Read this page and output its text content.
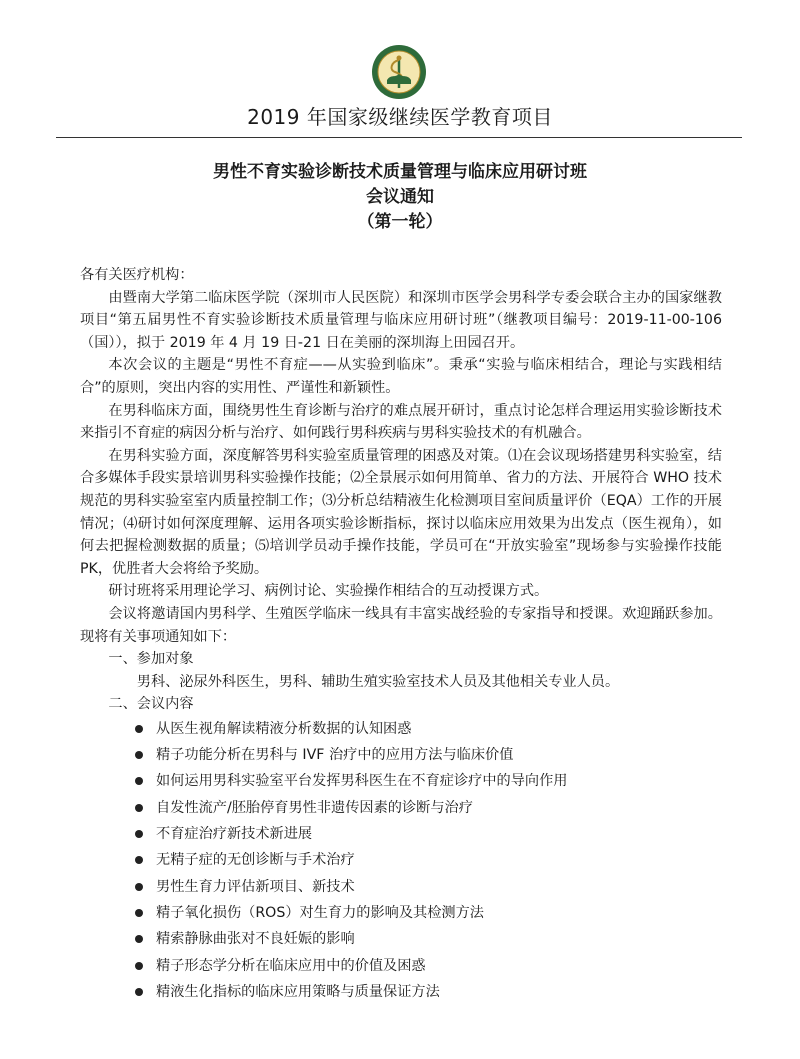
2019 年国家级继续医学教育项目
男性不育实验诊断技术质量管理与临床应用研讨班
会议通知
（第一轮）

各有关医疗机构：

由暨南大学第二临床医学院（深圳市人民医院）和深圳市医学会男科学专委会联合主办的国家继教项目“第五届男性不育实验诊断技术质量管理与临床应用研讨班”（继教项目编号：2019-11-00-106（国）），拟于 2019 年 4 月 19 日-21 日在美丽的深圳海上田园召开。

本次会议的主题是“男性不育症——从实验到临床”。秉承“实验与临床相结合，理论与实践相结合”的原则，突出内容的实用性、严谨性和新颖性。

在男科临床方面，围绕男性生育诊断与治疗的难点展开研讨，重点讨论怎样合理运用实验诊断技术来指引不育症的病因分析与治疗、如何践行男科疾病与男科实验技术的有机融合。

在男科实验方面，深度解答男科实验室质量管理的困惑及对策。⑴在会议现场搭建男科实验室，结合多媒体手段实景培训男科实验操作技能；⑵全景展示如何用简单、省力的方法、开展符合 WHO 技术规范的男科实验室室内质量控制工作；⑶分析总结精液生化检测项目室间质量评价（EQA）工作的开展情况；⑷研讨如何深度理解、运用各项实验诊断指标，探讨以临床应用效果为出发点（医生视角），如何去把握检测数据的质量；⑸培训学员动手操作技能，学员可在“开放实验室”现场参与实验操作技能 PK，优胜者大会将给予奖励。

研讨班将采用理论学习、病例讨论、实验操作相结合的互动授课方式。

会议将邀请国内男科学、生殖医学临床一线具有丰富实战经验的专家指导和授课。欢迎踊跃参加。现将有关事项通知如下：

一、参加对象

男科、泌尿外科医生，男科、辅助生殖实验室技术人员及其他相关专业人员。

二、会议内容

从医生视角解读精液分析数据的认知困惑
精子功能分析在男科与 IVF 治疗中的应用方法与临床价值
如何运用男科实验室平台发挥男科医生在不育症诊疗中的导向作用
自发性流产/胚胎停育男性非遗传因素的诊断与治疗
不育症治疗新技术新进展
无精子症的无创诊断与手术治疗
男性生育力评估新项目、新技术
精子氧化损伤（ROS）对生育力的影响及其检测方法
精索静脉曲张对不良妊娠的影响
精子形态学分析在临床应用中的价值及困惑
精液生化指标的临床应用策略与质量保证方法
